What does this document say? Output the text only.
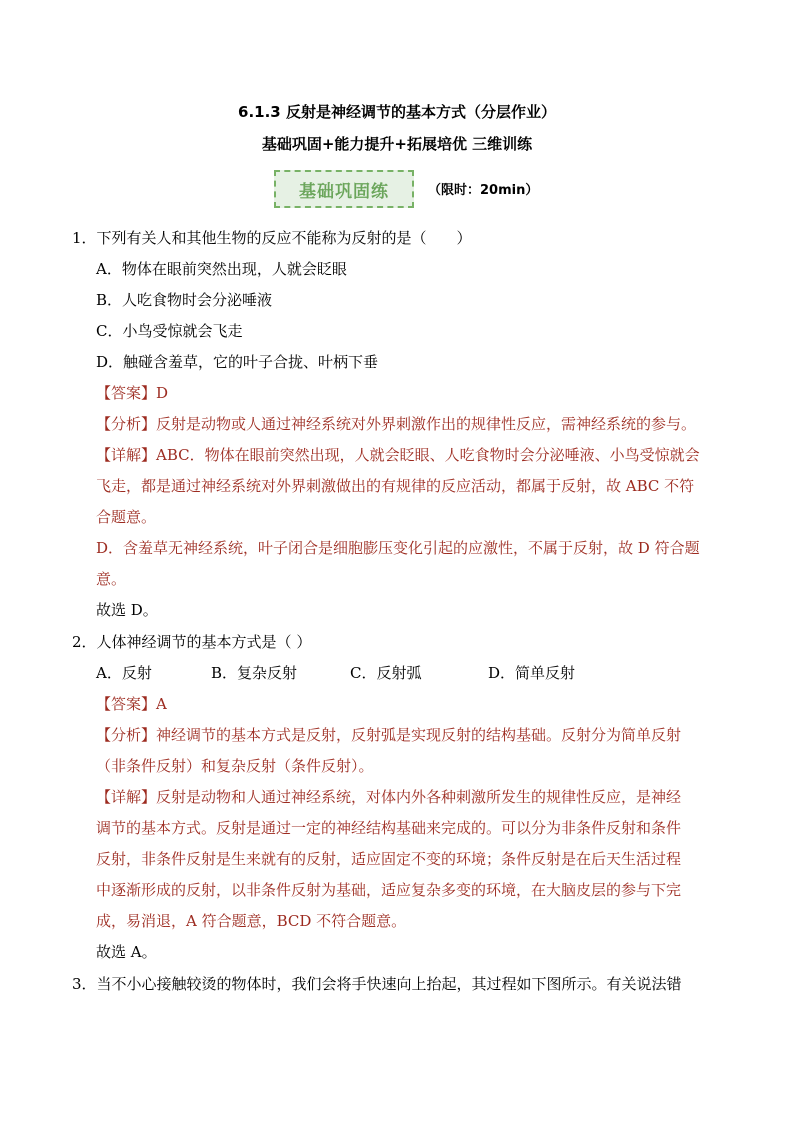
6.1.3 反射是神经调节的基本方式（分层作业）
基础巩固+能力提升+拓展培优 三维训练
基础巩固练	（限时：20min）
1．下列有关人和其他生物的反应不能称为反射的是（　　）
A．物体在眼前突然出现，人就会眨眼
B．人吃食物时会分泌唾液
C．小鸟受惊就会飞走
D．触碰含羞草，它的叶子合拢、叶柄下垂
【答案】D
【分析】反射是动物或人通过神经系统对外界刺激作出的规律性反应，需神经系统的参与。
【详解】ABC．物体在眼前突然出现，人就会眨眼、人吃食物时会分泌唾液、小鸟受惊就会
飞走，都是通过神经系统对外界刺激做出的有规律的反应活动，都属于反射，故 ABC 不符
合题意。
D．含羞草无神经系统，叶子闭合是细胞膨压变化引起的应激性，不属于反射，故 D 符合题
意。
故选 D。
2．人体神经调节的基本方式是（ ）
A．反射	B．复杂反射	C．反射弧	D．简单反射
【答案】A
【分析】神经调节的基本方式是反射，反射弧是实现反射的结构基础。反射分为简单反射
（非条件反射）和复杂反射（条件反射）。
【详解】反射是动物和人通过神经系统，对体内外各种刺激所发生的规律性反应，是神经
调节的基本方式。反射是通过一定的神经结构基础来完成的。可以分为非条件反射和条件
反射，非条件反射是生来就有的反射，适应固定不变的环境；条件反射是在后天生活过程
中逐渐形成的反射，以非条件反射为基础，适应复杂多变的环境，在大脑皮层的参与下完
成，易消退，A 符合题意，BCD 不符合题意。
故选 A。
3．当不小心接触较烫的物体时，我们会将手快速向上抬起，其过程如下图所示。有关说法错
